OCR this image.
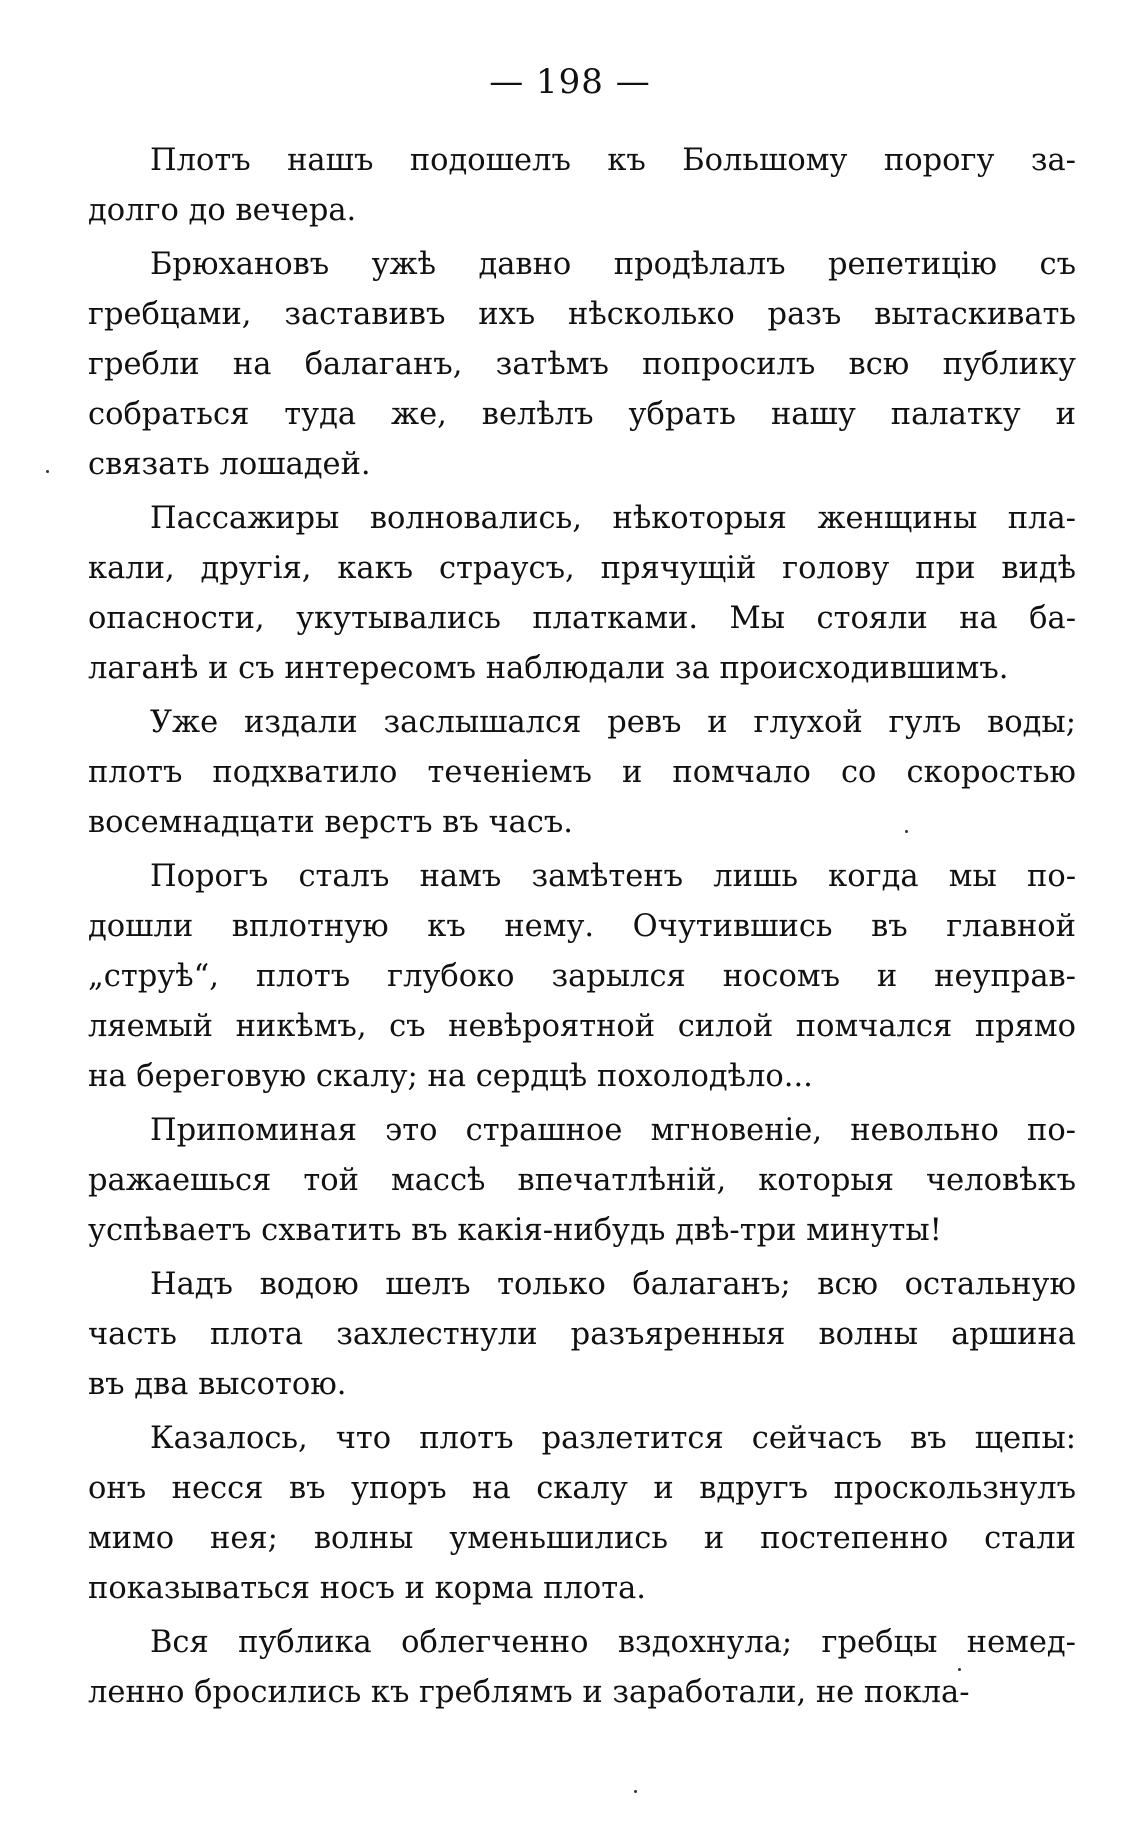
— 198 —
Плотъ нашъ подошелъ къ Большому порогу за-
долго до вечера.
Брюхановъ ужѣ давно продѣлалъ репетицію съ
гребцами, заставивъ ихъ нѣсколько разъ вытаскивать
гребли на балаганъ, затѣмъ попросилъ всю публику
собраться туда же, велѣлъ убрать нашу палатку и
связать лошадей.
Пассажиры волновались, нѣкоторыя женщины пла-
кали, другія, какъ страусъ, прячущій голову при видѣ
опасности, укутывались платками. Мы стояли на ба-
лаганѣ и съ интересомъ наблюдали за происходившимъ.
Уже издали заслышался ревъ и глухой гулъ воды;
плотъ подхватило теченіемъ и помчало со скоростью
восемнадцати верстъ въ часъ.
Порогъ сталъ намъ замѣтенъ лишь когда мы по-
дошли вплотную къ нему. Очутившись въ главной
„струѣ“, плотъ глубоко зарылся носомъ и неуправ-
ляемый никѣмъ, съ невѣроятной силой помчался прямо
на береговую скалу; на сердцѣ похолодѣло...
Припоминая это страшное мгновеніе, невольно по-
ражаешься той массѣ впечатлѣній, которыя человѣкъ
успѣваетъ схватить въ какія-нибудь двѣ-три минуты!
Надъ водою шелъ только балаганъ; всю остальную
часть плота захлестнули разъяренныя волны аршина
въ два высотою.
Казалось, что плотъ разлетится сейчасъ въ щепы:
онъ несся въ упоръ на скалу и вдругъ проскользнулъ
мимо нея; волны уменьшились и постепенно стали
показываться носъ и корма плота.
Вся публика облегченно вздохнула; гребцы немед-
ленно бросились къ греблямъ и заработали, не покла-
